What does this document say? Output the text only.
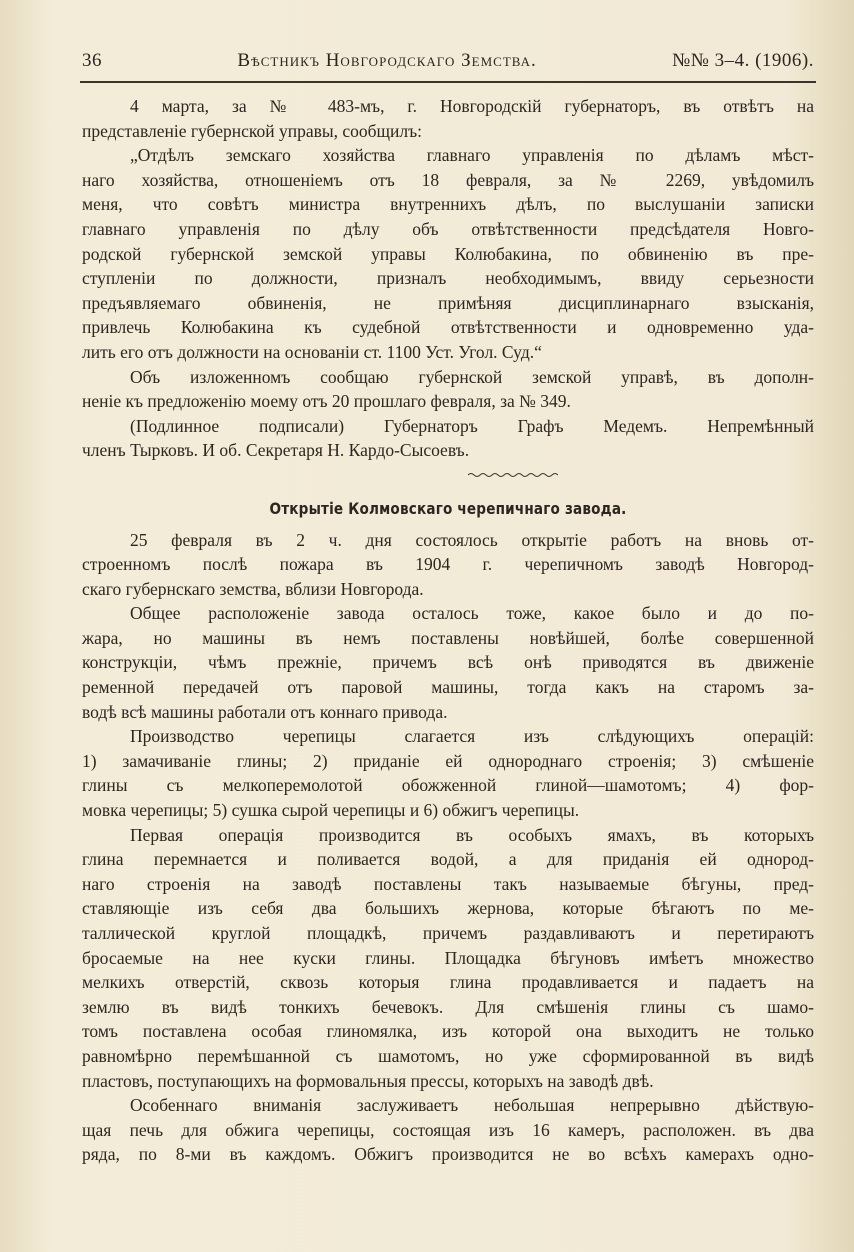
36	Вѣстникъ Новгородскаго Земства.	№№ 3–4. (1906).
4 марта, за № 483-мъ, г. Новгородскій губернаторъ, въ отвѣтъ на
представленіе губернской управы, сообщилъ:
„Отдѣлъ земскаго хозяйства главнаго управленія по дѣламъ мѣст-
наго хозяйства, отношеніемъ отъ 18 февраля, за № 2269, увѣдомилъ
меня, что совѣтъ министра внутреннихъ дѣлъ, по выслушаніи записки
главнаго управленія по дѣлу объ отвѣтственности предсѣдателя Новго-
родской губернской земской управы Колюбакина, по обвиненію въ пре-
ступленіи по должности, призналъ необходимымъ, ввиду серьезности
предъявляемаго обвиненія, не примѣняя дисциплинарнаго взысканія,
привлечь Колюбакина къ судебной отвѣтственности и одновременно уда-
лить его отъ должности на основаніи ст. 1100 Уст. Угол. Суд.“
Объ изложенномъ сообщаю губернской земской управѣ, въ дополн-
неніе къ предложенію моему отъ 20 прошлаго февраля, за № 349.
(Подлинное подписали) Губернаторъ Графъ Медемъ. Непремѣнный
членъ Тырковъ. И об. Секретаря Н. Кардо-Сысоевъ.
Открытіе Колмовскаго черепичнаго завода.
25 февраля въ 2 ч. дня состоялось открытіе работъ на вновь от-
строенномъ послѣ пожара въ 1904 г. черепичномъ заводѣ Новгород-
скаго губернскаго земства, вблизи Новгорода.
Общее расположеніе завода осталось тоже, какое было и до по-
жара, но машины въ немъ поставлены новѣйшей, болѣе совершенной
конструкціи, чѣмъ прежніе, причемъ всѣ онѣ приводятся въ движеніе
ременной передачей отъ паровой машины, тогда какъ на старомъ за-
водѣ всѣ машины работали отъ коннаго привода.
Производство черепицы слагается изъ слѣдующихъ операцій:
1) замачиваніе глины; 2) приданіе ей однороднаго строенія; 3) смѣшеніе
глины съ мелкоперемолотой обожженной глиной—шамотомъ; 4) фор-
мовка черепицы; 5) сушка сырой черепицы и 6) обжигъ черепицы.
Первая операція производится въ особыхъ ямахъ, въ которыхъ
глина перемнается и поливается водой, а для приданія ей однород-
наго строенія на заводѣ поставлены такъ называемые бѣгуны, пред-
ставляющіе изъ себя два большихъ жернова, которые бѣгаютъ по ме-
таллической круглой площадкѣ, причемъ раздавливаютъ и перетираютъ
бросаемые на нее куски глины. Площадка бѣгуновъ имѣетъ множество
мелкихъ отверстій, сквозь которыя глина продавливается и падаетъ на
землю въ видѣ тонкихъ бечевокъ. Для смѣшенія глины съ шамо-
томъ поставлена особая глиномялка, изъ которой она выходитъ не только
равномѣрно перемѣшанной съ шамотомъ, но уже сформированной въ видѣ
пластовъ, поступающихъ на формовальныя прессы, которыхъ на заводѣ двѣ.
Особеннаго вниманія заслуживаетъ небольшая непрерывно дѣйствую-
щая печь для обжига черепицы, состоящая изъ 16 камеръ, расположен. въ два
ряда, по 8-ми въ каждомъ. Обжигъ производится не во всѣхъ камерахъ одно-
